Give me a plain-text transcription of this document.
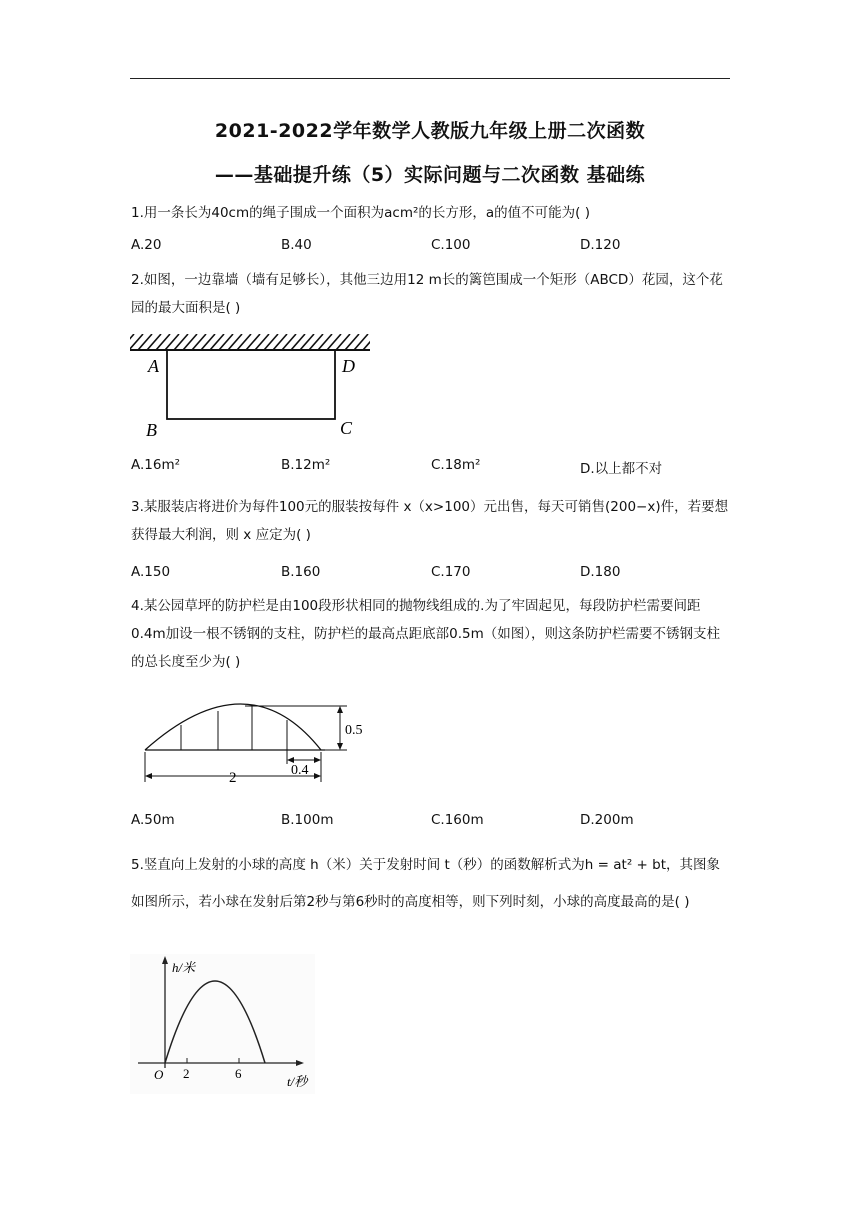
2021-2022学年数学人教版九年级上册二次函数
——基础提升练（5）实际问题与二次函数 基础练
1.用一条长为40cm的绳子围成一个面积为acm²的长方形，a的值不可能为( )
A.20	B.40	C.100	D.120
2.如图，一边靠墙（墙有足够长），其他三边用12 m长的篱笆围成一个矩形（ABCD）花园，这个花园的最大面积是( )
A	D
B	C
A.16m²	B.12m²	C.18m²	D.以上都不对
3.某服装店将进价为每件100元的服装按每件 x（x>100）元出售，每天可销售(200−x)件，若要想获得最大利润，则 x 应定为( )
A.150	B.160	C.170	D.180
4.某公园草坪的防护栏是由100段形状相同的抛物线组成的.为了牢固起见，每段防护栏需要间距0.4m加设一根不锈钢的支柱，防护栏的最高点距底部0.5m（如图），则这条防护栏需要不锈钢支柱的总长度至少为( )
0.5
0.4
2
A.50m	B.100m	C.160m	D.200m
5.竖直向上发射的小球的高度 h（米）关于发射时间 t（秒）的函数解析式为h = at² + bt，其图象如图所示，若小球在发射后第2秒与第6秒时的高度相等，则下列时刻，小球的高度最高的是( )
h/米
O 2	6
t/秒
